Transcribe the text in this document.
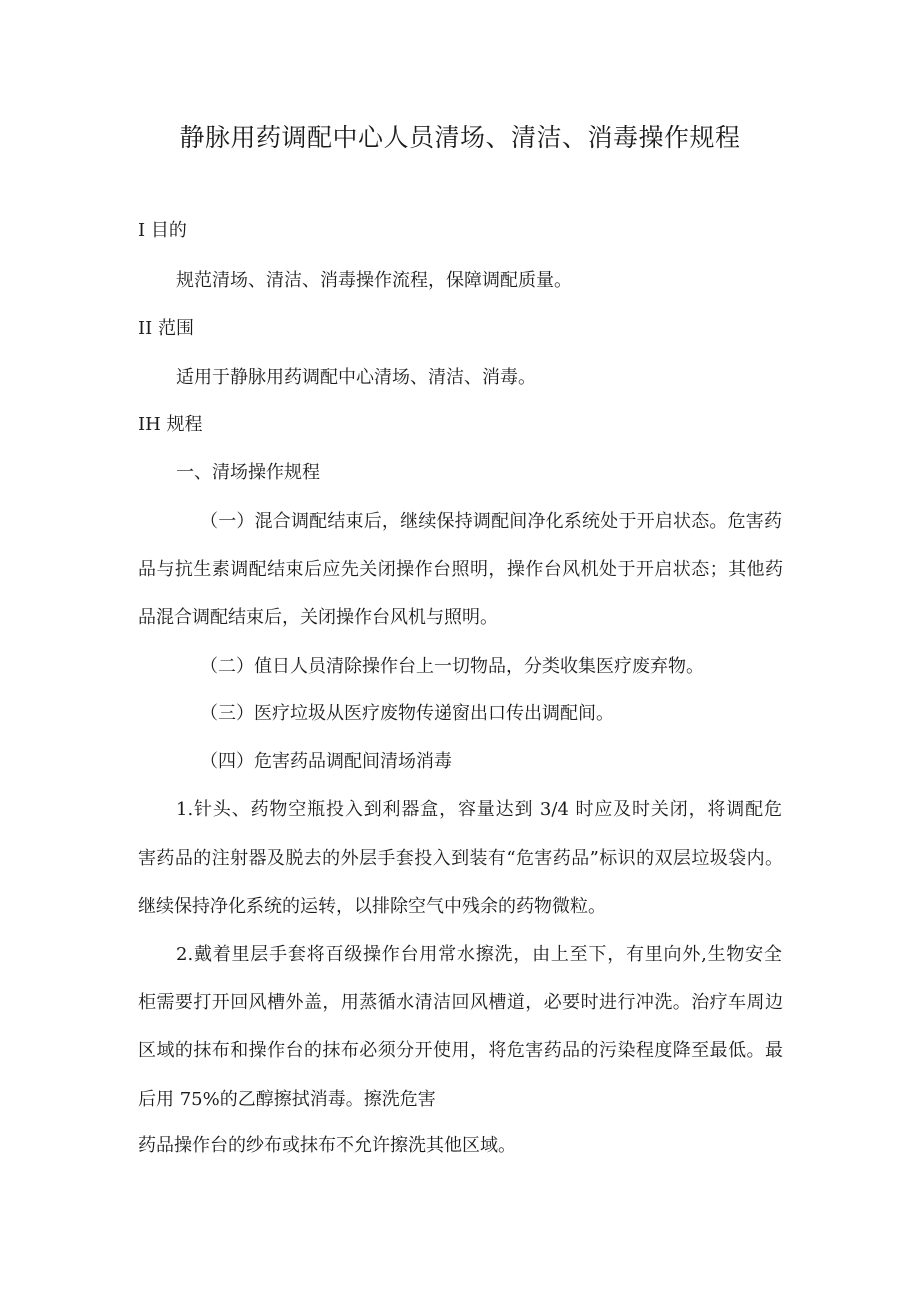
静脉用药调配中心人员清场、清洁、消毒操作规程
I 目的
规范清场、清洁、消毒操作流程，保障调配质量。
II 范围
适用于静脉用药调配中心清场、清洁、消毒。
IH 规程
一、清场操作规程
（一）混合调配结束后，继续保持调配间净化系统处于开启状态。危害药
品与抗生素调配结束后应先关闭操作台照明，操作台风机处于开启状态；其他药
品混合调配结束后，关闭操作台风机与照明。
（二）值日人员清除操作台上一切物品，分类收集医疗废弃物。
（三）医疗垃圾从医疗废物传递窗出口传出调配间。
（四）危害药品调配间清场消毒
1.针头、药物空瓶投入到利器盒，容量达到 3/4 时应及时关闭，将调配危
害药品的注射器及脱去的外层手套投入到装有“危害药品”标识的双层垃圾袋内。
继续保持净化系统的运转，以排除空气中残余的药物微粒。
2.戴着里层手套将百级操作台用常水擦洗，由上至下，有里向外,生物安全
柜需要打开回风槽外盖，用蒸循水清洁回风槽道，必要时进行冲洗。治疗车周边
区域的抹布和操作台的抹布必须分开使用，将危害药品的污染程度降至最低。最
后用 75%的乙醇擦拭消毒。擦洗危害
药品操作台的纱布或抹布不允许擦洗其他区域。
